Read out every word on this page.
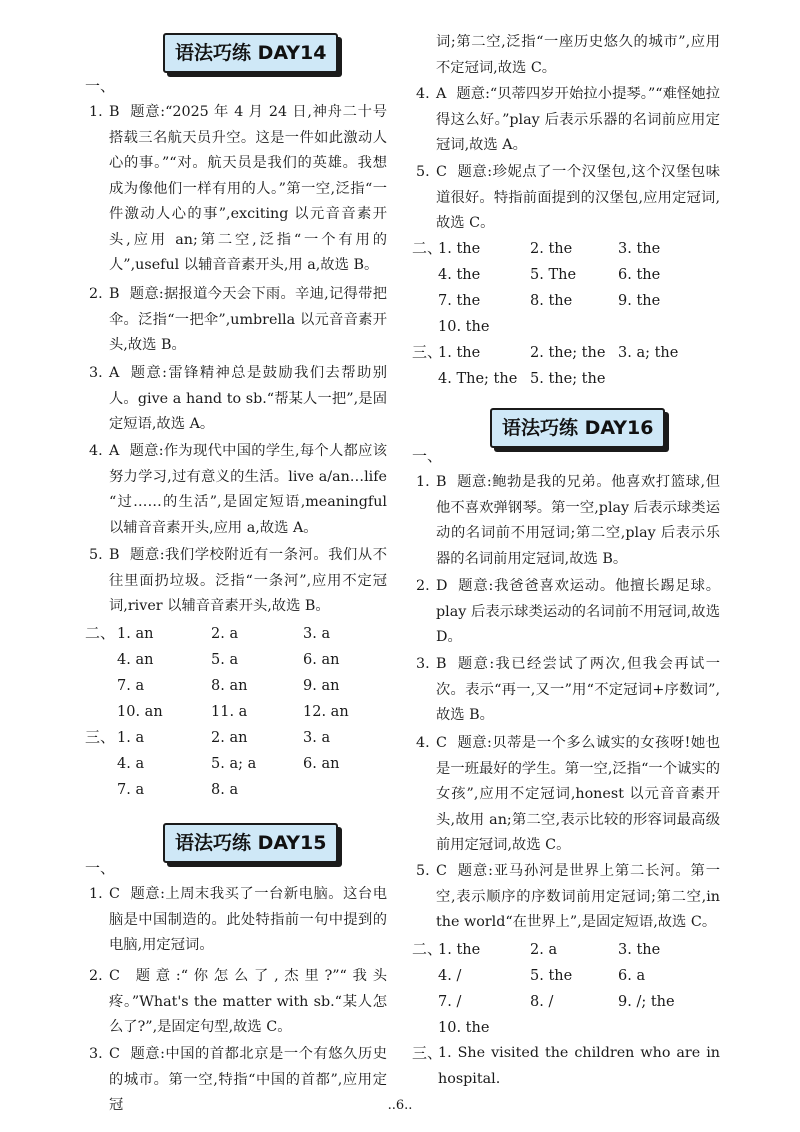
语法巧练 DAY14
一、
1. B 题意:“2025 年 4 月 24 日,神舟二十号搭载三名航天员升空。这是一件如此激动人心的事。”“对。航天员是我们的英雄。我想成为像他们一样有用的人。”第一空,泛指“一件激动人心的事”,exciting 以元音音素开头,应用 an;第二空,泛指“一个有用的人”,useful 以辅音音素开头,用 a,故选 B。
2. B 题意:据报道今天会下雨。辛迪,记得带把伞。泛指“一把伞”,umbrella 以元音音素开头,故选 B。
3. A 题意:雷锋精神总是鼓励我们去帮助别人。give a hand to sb.“帮某人一把”,是固定短语,故选 A。
4. A 题意:作为现代中国的学生,每个人都应该努力学习,过有意义的生活。live a/an…life “过……的生活”,是固定短语,meaningful 以辅音音素开头,应用 a,故选 A。
5. B 题意:我们学校附近有一条河。我们从不往里面扔垃圾。泛指“一条河”,应用不定冠词,river 以辅音音素开头,故选 B。
二、 1. an	2. a	3. a
4. an	5. a	6. an
7. a	8. an	9. an
10. an	11. a	12. an
三、 1. a	2. an	3. a
4. a	5. a; a	6. an
7. a	8. a
语法巧练 DAY15
一、
1. C 题意:上周末我买了一台新电脑。这台电脑是中国制造的。此处特指前一句中提到的电脑,用定冠词。
2. C 题意:“你怎么了,杰里?”“我头疼。”What's the matter with sb.“某人怎么了?”,是固定句型,故选 C。
3. C 题意:中国的首都北京是一个有悠久历史的城市。第一空,特指“中国的首都”,应用定冠
词;第二空,泛指“一座历史悠久的城市”,应用不定冠词,故选 C。
4. A 题意:“贝蒂四岁开始拉小提琴。”“难怪她拉得这么好。”play 后表示乐器的名词前应用定冠词,故选 A。
5. C 题意:珍妮点了一个汉堡包,这个汉堡包味道很好。特指前面提到的汉堡包,应用定冠词,故选 C。
二、
1. the	2. the	3. the
4. the	5. The	6. the
7. the	8. the	9. the
10. the
三、
1. the	2. the; the 3. a; the
4. The; the 5. the; the
语法巧练 DAY16
一、
1. B 题意:鲍勃是我的兄弟。他喜欢打篮球,但他不喜欢弹钢琴。第一空,play 后表示球类运动的名词前不用冠词;第二空,play 后表示乐器的名词前用定冠词,故选 B。
2. D 题意:我爸爸喜欢运动。他擅长踢足球。play 后表示球类运动的名词前不用冠词,故选 D。
3. B 题意:我已经尝试了两次,但我会再试一次。表示“再一,又一”用“不定冠词+序数词”,故选 B。
4. C 题意:贝蒂是一个多么诚实的女孩呀!她也是一班最好的学生。第一空,泛指“一个诚实的女孩”,应用不定冠词,honest 以元音音素开头,故用 an;第二空,表示比较的形容词最高级前用定冠词,故选 C。
5. C 题意:亚马孙河是世界上第二长河。第一空,表示顺序的序数词前用定冠词;第二空,in the world“在世界上”,是固定短语,故选 C。
二、
1. the	2. a	3. the
4. /	5. the	6. a
7. /	8. /	9. /; the
10. the
三、
1. She visited the children who are in hospital.
..6..
